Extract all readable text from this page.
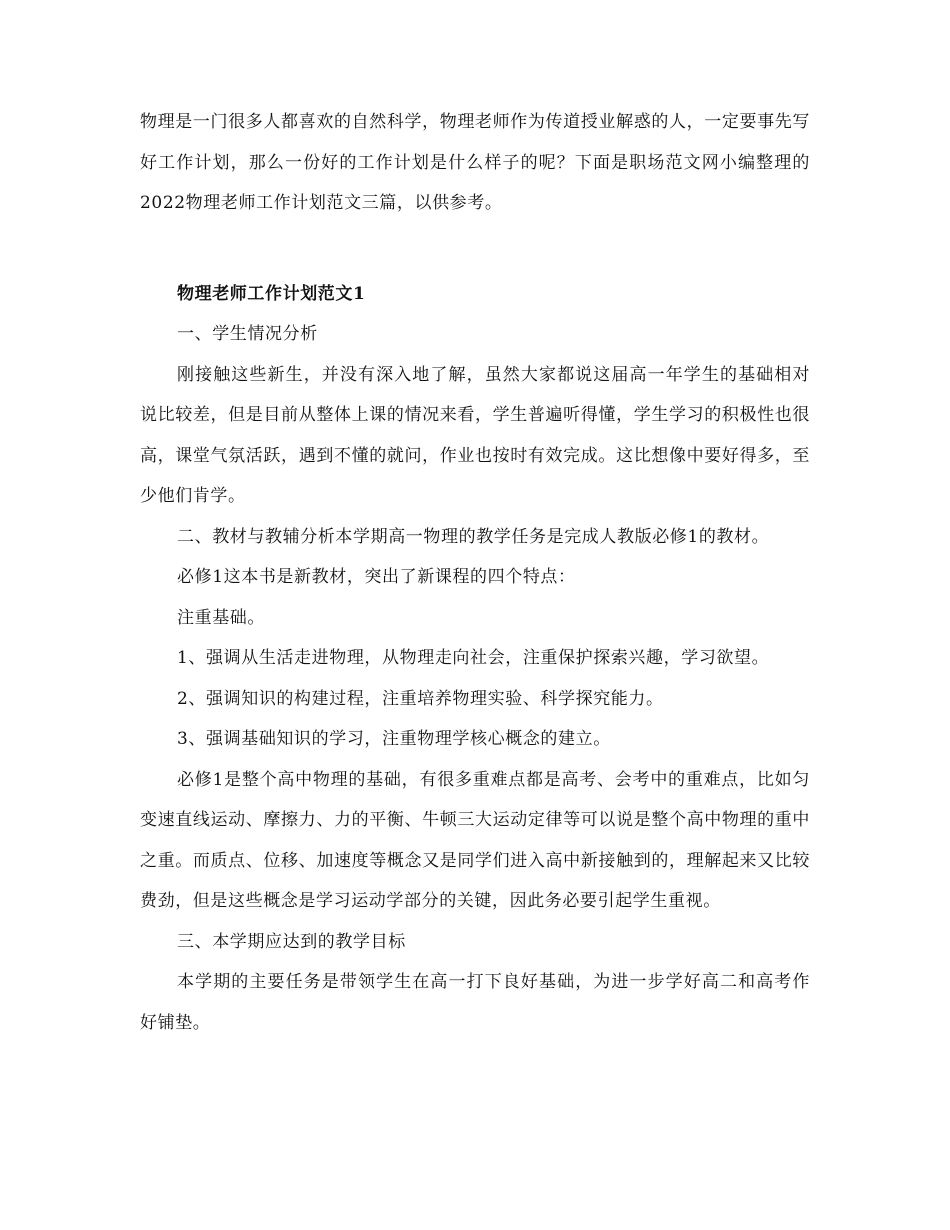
物理是一门很多人都喜欢的自然科学，物理老师作为传道授业解惑的人，一定要事先写好工作计划，那么一份好的工作计划是什么样子的呢？下面是职场范文网小编整理的2022物理老师工作计划范文三篇，以供参考。

物理老师工作计划范文1

一、学生情况分析

刚接触这些新生，并没有深入地了解，虽然大家都说这届高一年学生的基础相对说比较差，但是目前从整体上课的情况来看，学生普遍听得懂，学生学习的积极性也很高，课堂气氛活跃，遇到不懂的就问，作业也按时有效完成。这比想像中要好得多，至少他们肯学。

二、教材与教辅分析本学期高一物理的教学任务是完成人教版必修1的教材。

必修1这本书是新教材，突出了新课程的四个特点：

注重基础。

1、强调从生活走进物理，从物理走向社会，注重保护探索兴趣，学习欲望。

2、强调知识的构建过程，注重培养物理实验、科学探究能力。

3、强调基础知识的学习，注重物理学核心概念的建立。

必修1是整个高中物理的基础，有很多重难点都是高考、会考中的重难点，比如匀变速直线运动、摩擦力、力的平衡、牛顿三大运动定律等可以说是整个高中物理的重中之重。而质点、位移、加速度等概念又是同学们进入高中新接触到的，理解起来又比较费劲，但是这些概念是学习运动学部分的关键，因此务必要引起学生重视。

三、本学期应达到的教学目标

本学期的主要任务是带领学生在高一打下良好基础，为进一步学好高二和高考作好铺垫。
